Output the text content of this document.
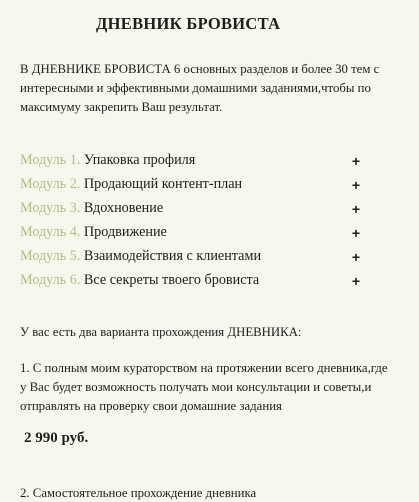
ДНЕВНИК БРОВИСТА
В ДНЕВНИКЕ БРОВИСТА 6 основных разделов и более 30 тем с интересными и эффективными домашними заданиями,чтобы по максимуму закрепить Ваш результат.
Модуль 1. Упаковка профиля	+
Модуль 2. Продающий контент-план	+
Модуль 3. Вдохновение	+
Модуль 4. Продвижение	+
Модуль 5. Взаимодействия с клиентами	+
Модуль 6. Все секреты твоего бровиста	+
У вас есть два варианта прохождения ДНЕВНИКА:
1. С полным моим кураторством на протяжении всего дневника,где у Вас будет возможность получать мои консультации и советы,и отправлять на проверку свои домашние задания
2 990 руб.
2. Самостоятельное прохождение дневника
